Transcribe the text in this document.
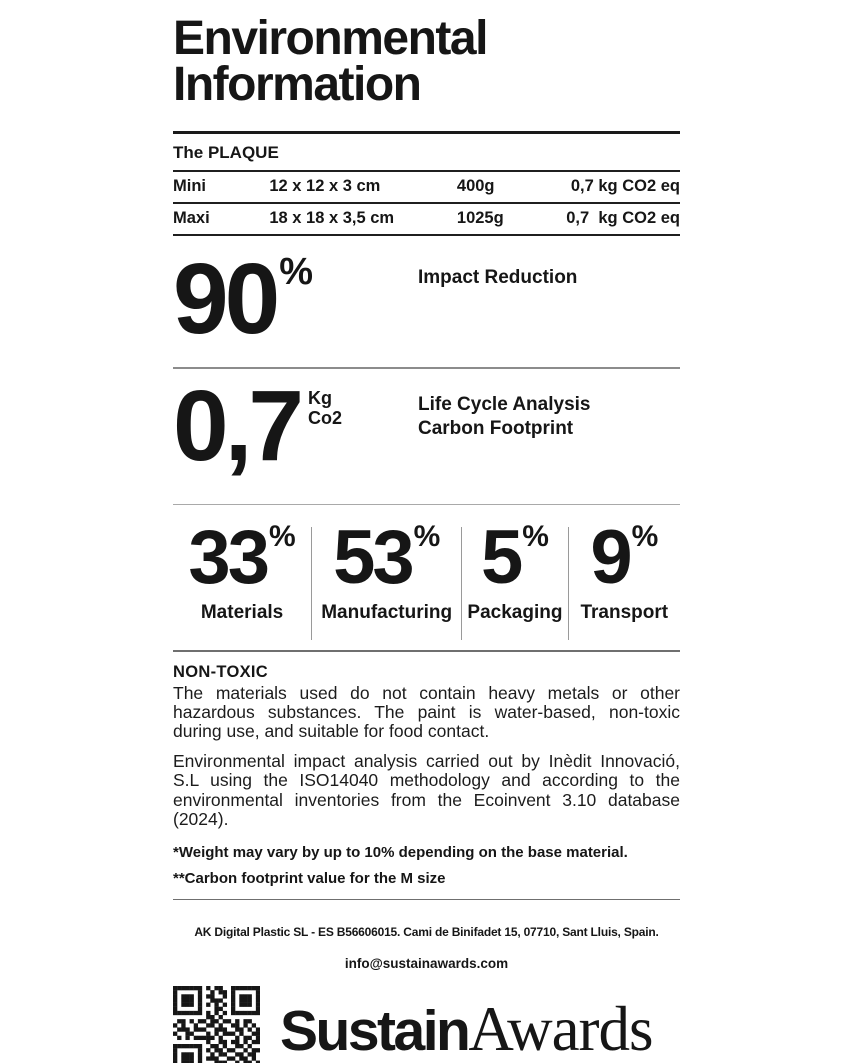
Environmental
Information
The PLAQUE
Mini	12 x 12 x 3 cm	400g	0,7 kg CO2 eq
Maxi	18 x 18 x 3,5 cm	1025g	0,7  kg CO2 eq
90%	Impact Reduction
0,7 Kg
Co2
Life Cycle Analysis
Carbon Footprint
33%
Materials
53%
Manufacturing
5%
Packaging
9%
Transport
NON-TOXIC

The materials used do not contain heavy metals or other hazardous substances. The paint is water-based, non-toxic during use, and suitable for food contact.

Environmental impact analysis carried out by Inèdit Innovació, S.L using the ISO14040 methodology and according to the environmental inventories from the Ecoinvent 3.10 database (2024).

*Weight may vary by up to 10% depending on the base material.
**Carbon footprint value for the M size
AK Digital Plastic SL - ES B56606015. Cami de Binifadet 15, 07710, Sant Lluis, Spain.
info@sustainawards.com
Sustain Awards
